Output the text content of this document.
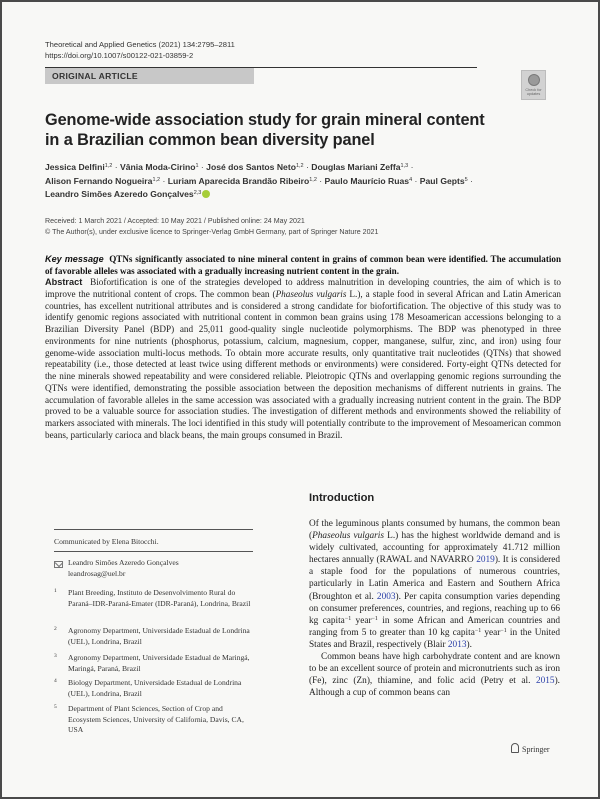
Theoretical and Applied Genetics (2021) 134:2795–2811
https://doi.org/10.1007/s00122-021-03859-2
ORIGINAL ARTICLE
Check for
updates
Genome-wide association study for grain mineral content
in a Brazilian common bean diversity panel
Jessica Delfini$^{1,2}$ · Vânia Moda-Cirino$^1$ · José dos Santos Neto$^{1,2}$ · Douglas Mariani Zeffa$^{1,3}$ ·
Alison Fernando Nogueira$^{1,2}$ · Luriam Aparecida Brandão Ribeiro$^{1,2}$ · Paulo Maurício Ruas$^4$ · Paul Gepts$^5$ ·
Leandro Simões Azeredo Gonçalves$^{2,3}$
Received: 1 March 2021 / Accepted: 10 May 2021 / Published online: 24 May 2021
© The Author(s), under exclusive licence to Springer-Verlag GmbH Germany, part of Springer Nature 2021
Key message QTNs significantly associated to nine mineral content in grains of common bean were identified. The accumulation of favorable alleles was associated with a gradually increasing nutrient content in the grain.
Abstract Biofortification is one of the strategies developed to address malnutrition in developing countries, the aim of which is to improve the nutritional content of crops. The common bean (Phaseolus vulgaris L.), a staple food in several African and Latin American countries, has excellent nutritional attributes and is considered a strong candidate for biofortification. The objective of this study was to identify genomic regions associated with nutritional content in common bean grains using 178 Mesoamerican accessions belonging to a Brazilian Diversity Panel (BDP) and 25,011 good-quality single nucleotide polymorphisms. The BDP was phenotyped in three environments for nine nutrients (phosphorus, potassium, calcium, magnesium, copper, manganese, sulfur, zinc, and iron) using four genome-wide association multi-locus methods. To obtain more accurate results, only quantitative trait nucleotides (QTNs) that showed repeatability (i.e., those detected at least twice using different methods or environments) were considered. Forty-eight QTNs detected for the nine minerals showed repeatability and were considered reliable. Pleiotropic QTNs and overlapping genomic regions surrounding the QTNs were identified, demonstrating the possible association between the deposition mechanisms of different nutrients in grains. The accumulation of favorable alleles in the same accession was associated with a gradually increasing nutrient content in the grain. The BDP proved to be a valuable source for association studies. The investigation of different methods and environments showed the reliability of markers associated with minerals. The loci identified in this study will potentially contribute to the improvement of Mesoamerican common beans, particularly carioca and black beans, the main groups consumed in Brazil.
Communicated by Elena Bitocchi.
Leandro Simões Azeredo Gonçalves
leandrosag@uel.br
1 Plant Breeding, Instituto de Desenvolvimento Rural do Paraná–IDR-Paraná-Emater (IDR-Paraná), Londrina, Brazil
2 Agronomy Department, Universidade Estadual de Londrina (UEL), Londrina, Brazil
3 Agronomy Department, Universidade Estadual de Maringá, Maringá, Paraná, Brazil
4 Biology Department, Universidade Estadual de Londrina (UEL), Londrina, Brazil
5 Department of Plant Sciences, Section of Crop and Ecosystem Sciences, University of California, Davis, CA, USA
Introduction

Of the leguminous plants consumed by humans, the common bean (Phaseolus vulgaris L.) has the highest worldwide demand and is widely cultivated, accounting for approximately 41.712 million hectares annually (RAWAL and NAVARRO 2019). It is considered a staple food for the populations of numerous countries, particularly in Latin America and Eastern and Southern Africa (Broughton et al. 2003). Per capita consumption varies depending on consumer preferences, countries, and regions, reaching up to 66 kg capita$^{-1}$ year$^{-1}$ in some African and American countries and ranging from 5 to greater than 10 kg capita$^{-1}$ year$^{-1}$ in the United States and Brazil, respectively (Blair 2013).

Common beans have high carbohydrate content and are known to be an excellent source of protein and micronutrients such as iron (Fe), zinc (Zn), thiamine, and folic acid (Petry et al. 2015). Although a cup of common beans can

Springer
